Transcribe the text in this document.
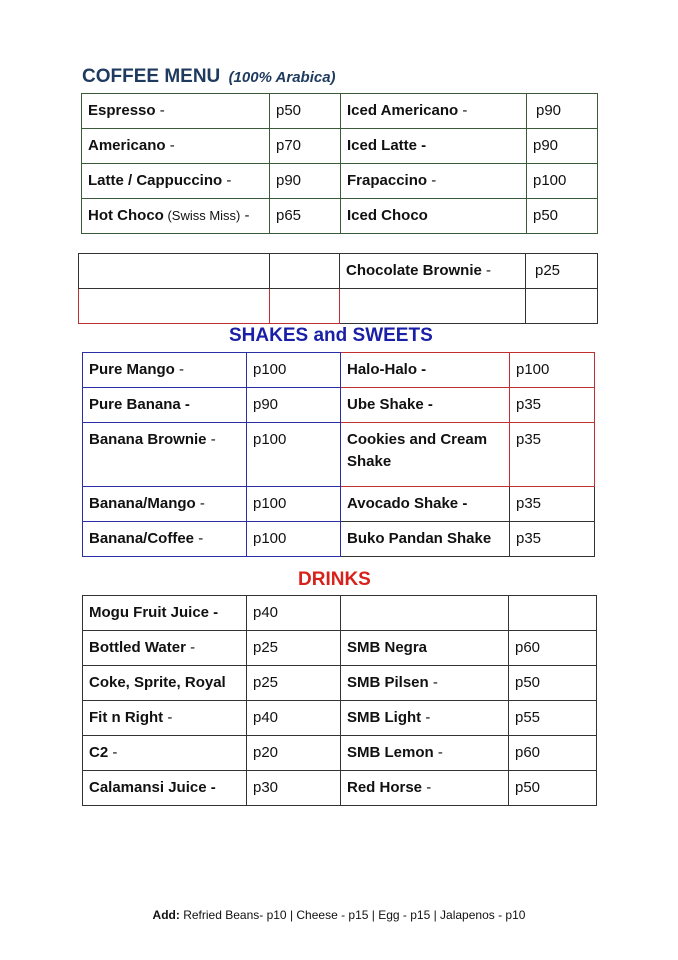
COFFEE MENU (100% Arabica)
Espresso -	p50	Iced Americano -	p90
Americano -	p70	Iced Latte -	p90
Latte / Cappuccino -	p90	Frapaccino -	p100
Hot Choco (Swiss Miss) -	p65	Iced Choco	p50
		Chocolate Brownie -	p25

SHAKES and SWEETS
Pure Mango -	p100	Halo-Halo -	p100
Pure Banana -	p90	Ube Shake -	p35
Banana Brownie -	p100	Cookies and Cream Shake	p35
Banana/Mango -	p100	Avocado Shake -	p35
Banana/Coffee -	p100	Buko Pandan Shake	p35
DRINKS
Mogu Fruit Juice -	p40		
Bottled Water -	p25	SMB Negra	p60
Coke, Sprite, Royal	p25	SMB Pilsen -	p50
Fit n Right -	p40	SMB Light -	p55
C2 -	p20	SMB Lemon -	p60
Calamansi Juice -	p30	Red Horse -	p50
Add: Refried Beans- p10 | Cheese - p15 | Egg - p15 | Jalapenos - p10
